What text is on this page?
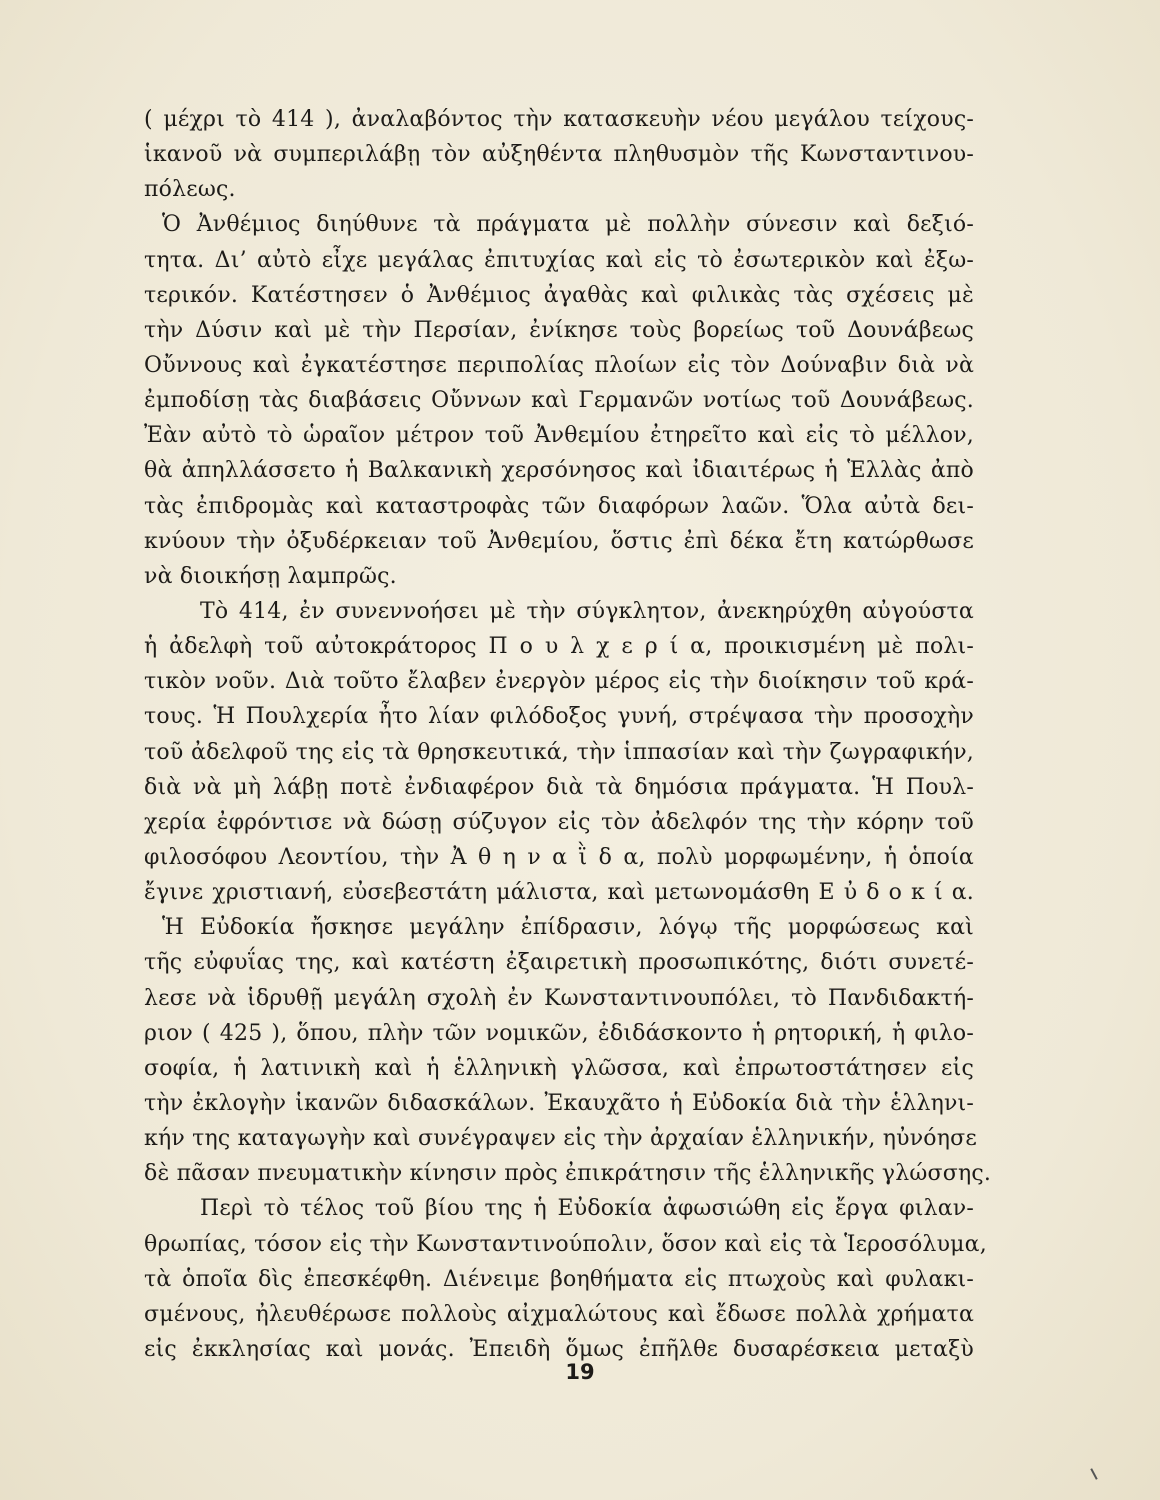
( μέχρι τὸ 414 ), ἀναλαβόντος τὴν κατασκευὴν νέου μεγάλου τείχους-
ἱκανοῦ νὰ συμπεριλάβῃ τὸν αὐξηθέντα πληθυσμὸν τῆς Κωνσταντινου-
πόλεως.
Ὁ Ἀνθέμιος διηύθυνε τὰ πράγματα μὲ πολλὴν σύνεσιν καὶ δεξιό-
τητα. Δι’ αὐτὸ εἶχε μεγάλας ἐπιτυχίας καὶ εἰς τὸ ἐσωτερικὸν καὶ ἐξω-
τερικόν. Κατέστησεν ὁ Ἀνθέμιος ἀγαθὰς καὶ φιλικὰς τὰς σχέσεις μὲ
τὴν Δύσιν καὶ μὲ τὴν Περσίαν, ἐνίκησε τοὺς βορείως τοῦ Δουνάβεως
Οὔννους καὶ ἐγκατέστησε περιπολίας πλοίων εἰς τὸν Δούναβιν διὰ νὰ
ἐμποδίσῃ τὰς διαβάσεις Οὔννων καὶ Γερμανῶν νοτίως τοῦ Δουνάβεως.
Ἐὰν αὐτὸ τὸ ὡραῖον μέτρον τοῦ Ἀνθεμίου ἐτηρεῖτο καὶ εἰς τὸ μέλλον,
θὰ ἀπηλλάσσετο ἡ Βαλκανικὴ χερσόνησος καὶ ἰδιαιτέρως ἡ Ἑλλὰς ἀπὸ
τὰς ἐπιδρομὰς καὶ καταστροφὰς τῶν διαφόρων λαῶν. Ὅλα αὐτὰ δει-
κνύουν τὴν ὀξυδέρκειαν τοῦ Ἀνθεμίου, ὅστις ἐπὶ δέκα ἔτη κατώρθωσε
νὰ διοικήσῃ λαμπρῶς.
Τὸ 414, ἐν συνεννοήσει μὲ τὴν σύγκλητον, ἀνεκηρύχθη αὐγούστα
ἡ ἀδελφὴ τοῦ αὐτοκράτορος Π ο υ λ χ ε ρ ί α, προικισμένη μὲ πολι-
τικὸν νοῦν. Διὰ τοῦτο ἔλαβεν ἐνεργὸν μέρος εἰς τὴν διοίκησιν τοῦ κρά-
τους. Ἡ Πουλχερία ἦτο λίαν φιλόδοξος γυνή, στρέψασα τὴν προσοχὴν
τοῦ ἀδελφοῦ της εἰς τὰ θρησκευτικά, τὴν ἱππασίαν καὶ τὴν ζωγραφικήν,
διὰ νὰ μὴ λάβῃ ποτὲ ἐνδιαφέρον διὰ τὰ δημόσια πράγματα. Ἡ Πουλ-
χερία ἐφρόντισε νὰ δώσῃ σύζυγον εἰς τὸν ἀδελφόν της τὴν κόρην τοῦ
φιλοσόφου Λεοντίου, τὴν Ἀ θ η ν α ῒ δ α, πολὺ μορφωμένην, ἡ ὁποία
ἔγινε χριστιανή, εὐσεβεστάτη μάλιστα, καὶ μετωνομάσθη Ε ὐ δ ο κ ί α.
Ἡ Εὐδοκία ἤσκησε μεγάλην ἐπίδρασιν, λόγῳ τῆς μορφώσεως καὶ
τῆς εὐφυΐας της, καὶ κατέστη ἐξαιρετικὴ προσωπικότης, διότι συνετέ-
λεσε νὰ ἱδρυθῇ μεγάλη σχολὴ ἐν Κωνσταντινουπόλει, τὸ Πανδιδακτή-
ριον ( 425 ), ὅπου, πλὴν τῶν νομικῶν, ἐδιδάσκοντο ἡ ρητορική, ἡ φιλο-
σοφία, ἡ λατινικὴ καὶ ἡ ἑλληνικὴ γλῶσσα, καὶ ἐπρωτοστάτησεν εἰς
τὴν ἐκλογὴν ἱκανῶν διδασκάλων. Ἐκαυχᾶτο ἡ Εὐδοκία διὰ τὴν ἑλληνι-
κήν της καταγωγὴν καὶ συνέγραψεν εἰς τὴν ἀρχαίαν ἑλληνικήν, ηὐνόησε
δὲ πᾶσαν πνευματικὴν κίνησιν πρὸς ἐπικράτησιν τῆς ἑλληνικῆς γλώσσης.
Περὶ τὸ τέλος τοῦ βίου της ἡ Εὐδοκία ἀφωσιώθη εἰς ἔργα φιλαν-
θρωπίας, τόσον εἰς τὴν Κωνσταντινούπολιν, ὅσον καὶ εἰς τὰ Ἱεροσόλυμα,
τὰ ὁποῖα δὶς ἐπεσκέφθη. Διένειμε βοηθήματα εἰς πτωχοὺς καὶ φυλακι-
σμένους, ἠλευθέρωσε πολλοὺς αἰχμαλώτους καὶ ἔδωσε πολλὰ χρήματα
εἰς ἐκκλησίας καὶ μονάς. Ἐπειδὴ ὅμως ἐπῆλθε δυσαρέσκεια μεταξὺ
19
